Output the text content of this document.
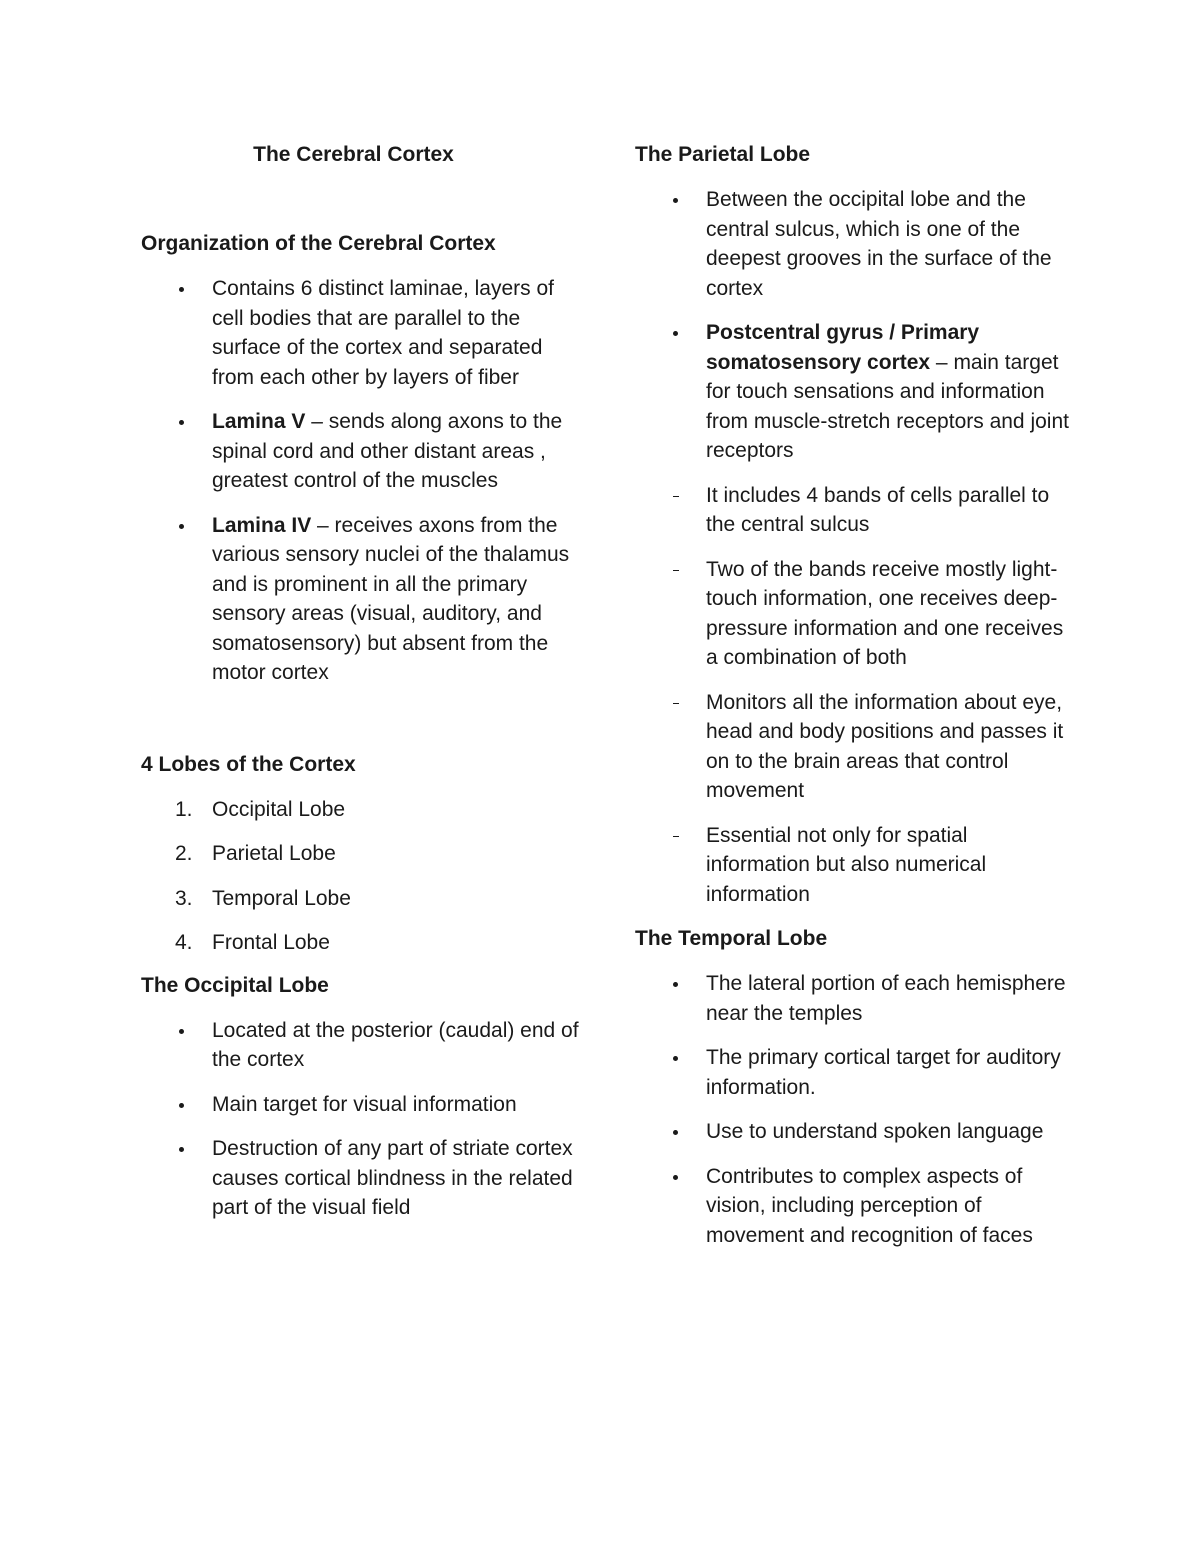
The Cerebral Cortex
Organization of the Cerebral Cortex
Contains 6 distinct laminae, layers of cell bodies that are parallel to the surface of the cortex and separated from each other by layers of fiber
Lamina V – sends along axons to the spinal cord and other distant areas , greatest control of the muscles
Lamina IV – receives axons from the various sensory nuclei of the thalamus and is prominent in all the primary sensory areas (visual, auditory, and somatosensory) but absent from the motor cortex
4 Lobes of the Cortex
1. Occipital Lobe
2. Parietal Lobe
3. Temporal Lobe
4. Frontal Lobe
The Occipital Lobe
Located at the posterior (caudal) end of the cortex
Main target for visual information
Destruction of any part of striate cortex causes cortical blindness in the related part of the visual field
The Parietal Lobe
Between the occipital lobe and the central sulcus, which is one of the deepest grooves in the surface of the cortex
Postcentral gyrus / Primary somatosensory cortex – main target for touch sensations and information from muscle-stretch receptors and joint receptors
It includes 4 bands of cells parallel to the central sulcus
Two of the bands receive mostly light-touch information, one receives deep-pressure information and one receives a combination of both
Monitors all the information about eye, head and body positions and passes it on to the brain areas that control movement
Essential not only for spatial information but also numerical information
The Temporal Lobe
The lateral portion of each hemisphere near the temples
The primary cortical target for auditory information.
Use to understand spoken language
Contributes to complex aspects of vision, including perception of movement and recognition of faces
